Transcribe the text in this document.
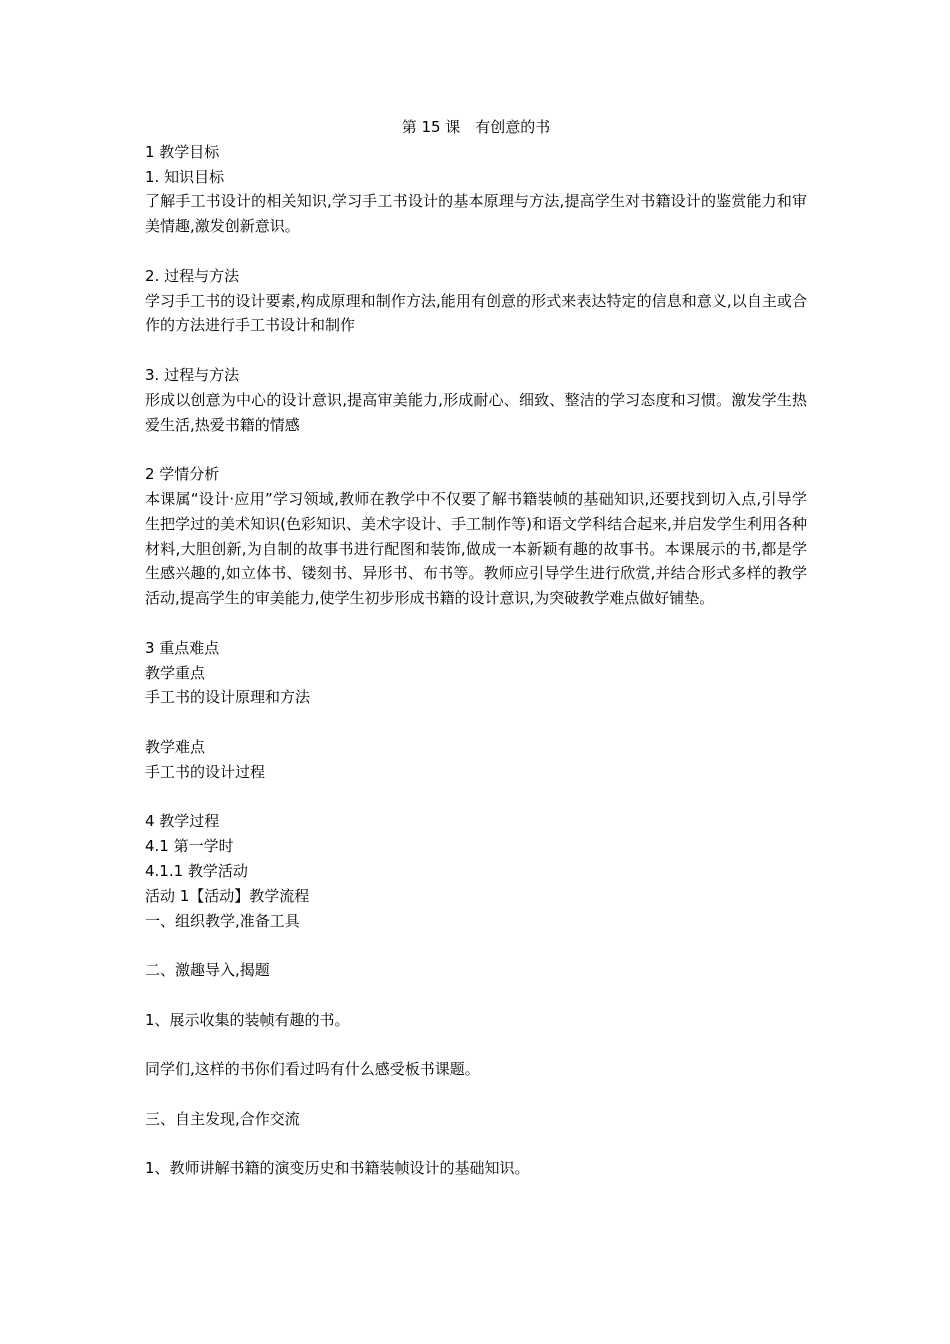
第 15 课　有创意的书

1 教学目标

1. 知识目标

了解手工书设计的相关知识,学习手工书设计的基本原理与方法,提高学生对书籍设计的鉴赏能力和审美情趣,激发创新意识。

2. 过程与方法

学习手工书的设计要素,构成原理和制作方法,能用有创意的形式来表达特定的信息和意义,以自主或合作的方法进行手工书设计和制作

3. 过程与方法

形成以创意为中心的设计意识,提高审美能力,形成耐心、细致、整洁的学习态度和习惯。激发学生热爱生活,热爱书籍的情感

2 学情分析

本课属“设计·应用”学习领域,教师在教学中不仅要了解书籍装帧的基础知识,还要找到切入点,引导学生把学过的美术知识(色彩知识、美术字设计、手工制作等)和语文学科结合起来,并启发学生利用各种材料,大胆创新,为自制的故事书进行配图和装饰,做成一本新颖有趣的故事书。本课展示的书,都是学生感兴趣的,如立体书、镂刻书、异形书、布书等。教师应引导学生进行欣赏,并结合形式多样的教学活动,提高学生的审美能力,使学生初步形成书籍的设计意识,为突破教学难点做好铺垫。

3 重点难点

教学重点

手工书的设计原理和方法

教学难点

手工书的设计过程

4 教学过程

4.1 第一学时

4.1.1 教学活动

活动 1【活动】教学流程

一、组织教学,准备工具

二、激趣导入,揭题

1、展示收集的装帧有趣的书。

同学们,这样的书你们看过吗有什么感受板书课题。

三、自主发现,合作交流

1、教师讲解书籍的演变历史和书籍装帧设计的基础知识。
